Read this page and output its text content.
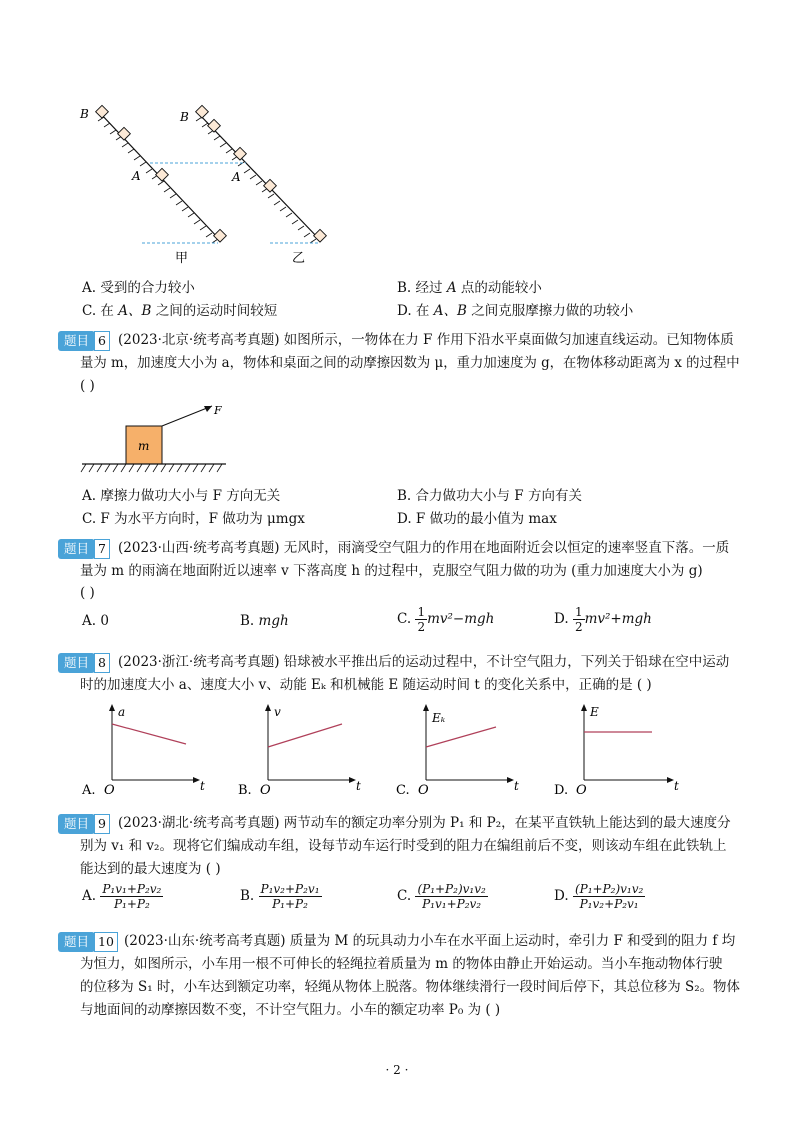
B
A
B
A
甲	乙
A. 受到的合力较小	B. 经过 A 点的动能较小
C. 在 A、B 之间的运动时间较短	D. 在 A、B 之间克服摩擦力做的功较小
题目 6 (2023·北京·统考高考真题) 如图所示，一物体在力 F 作用下沿水平桌面做匀加速直线运动。已知物体质
量为 m，加速度大小为 a，物体和桌面之间的动摩擦因数为 μ，重力加速度为 g，在物体移动距离为 x 的过程中
( )
m
F
A. 摩擦力做功大小与 F 方向无关	B. 合力做功大小与 F 方向有关
C. F 为水平方向时，F 做功为 μmgx	D. F 做功的最小值为 max
题目 7 (2023·山西·统考高考真题) 无风时，雨滴受空气阻力的作用在地面附近会以恒定的速率竖直下落。一质
量为 m 的雨滴在地面附近以速率 v 下落高度 h 的过程中，克服空气阻力做的功为 (重力加速度大小为 g)
( )
A. 0	B. mgh	C. $\frac{1}{2} mv^2-mgh$	D. $\frac{1}{2} mv^2+mgh$
题目 8 (2023·浙江·统考高考真题) 铅球被水平推出后的运动过程中，不计空气阻力，下列关于铅球在空中运动
时的加速度大小 a、速度大小 v、动能 Eₖ 和机械能 E 随运动时间 t 的变化关系中，正确的是 ( )
A. O
a
t	B. O
v
t	C. O
Eₖ
t	D. O
E
t
题目 9 (2023·湖北·统考高考真题) 两节动车的额定功率分别为 P₁ 和 P₂，在某平直铁轨上能达到的最大速度分
别为 v₁ 和 v₂。现将它们编成动车组，设每节动车运行时受到的阻力在编组前后不变，则该动车组在此铁轨上
能达到的最大速度为 ( )
A. $\frac{\text{P₁v₁+P₂v₂}}{\text{P₁+P₂}}$	B. $\frac{\text{P₁v₂+P₂v₁}}{\text{P₁+P₂}}$	C. $\frac{\text{(P₁+P₂)v₁v₂}}{\text{P₁v₁+P₂v₂}}$	D. $\frac{\text{(P₁+P₂)v₁v₂}}{\text{P₁v₂+P₂v₁}}$
题目 10 (2023·山东·统考高考真题) 质量为 M 的玩具动力小车在水平面上运动时，牵引力 F 和受到的阻力 f 均
为恒力，如图所示，小车用一根不可伸长的轻绳拉着质量为 m 的物体由静止开始运动。当小车拖动物体行驶
的位移为 S₁ 时，小车达到额定功率，轻绳从物体上脱落。物体继续滑行一段时间后停下，其总位移为 S₂。物体
与地面间的动摩擦因数不变，不计空气阻力。小车的额定功率 P₀ 为 ( )
· 2 ·
